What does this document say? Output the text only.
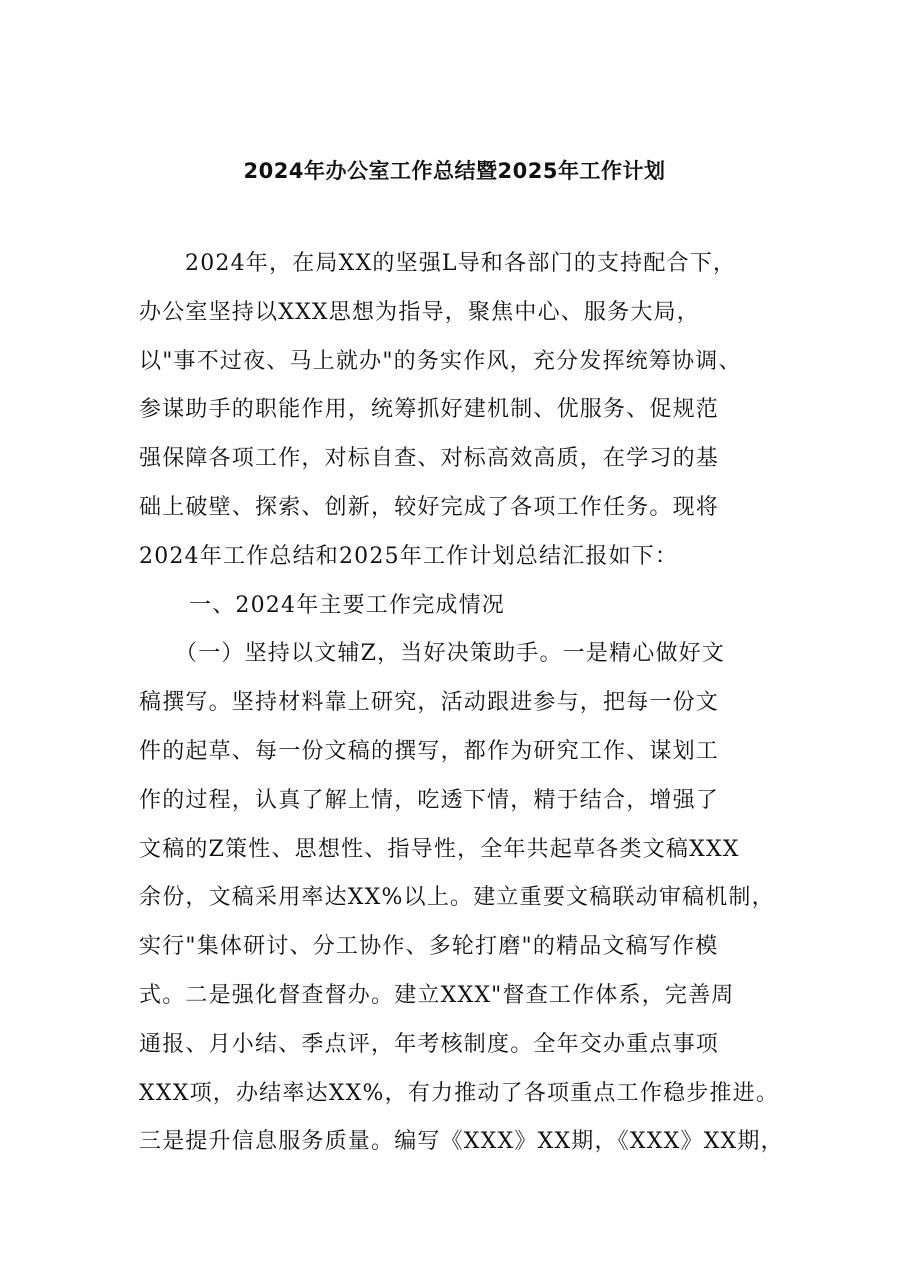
2024年办公室工作总结暨2025年工作计划
2024年，在局XX的坚强L导和各部门的支持配合下，
办公室坚持以XXX思想为指导，聚焦中心、服务大局，
以"事不过夜、马上就办"的务实作风，充分发挥统筹协调、
参谋助手的职能作用，统筹抓好建机制、优服务、促规范
强保障各项工作，对标自查、对标高效高质，在学习的基
础上破壁、探索、创新，较好完成了各项工作任务。现将
2024年工作总结和2025年工作计划总结汇报如下：
一、2024年主要工作完成情况
（一）坚持以文辅Z，当好决策助手。一是精心做好文
稿撰写。坚持材料靠上研究，活动跟进参与，把每一份文
件的起草、每一份文稿的撰写，都作为研究工作、谋划工
作的过程，认真了解上情，吃透下情，精于结合，增强了
文稿的Z策性、思想性、指导性，全年共起草各类文稿XXX
余份，文稿采用率达XX%以上。建立重要文稿联动审稿机制，
实行"集体研讨、分工协作、多轮打磨"的精品文稿写作模
式。二是强化督查督办。建立XXX"督查工作体系，完善周
通报、月小结、季点评，年考核制度。全年交办重点事项
XXX项，办结率达XX%，有力推动了各项重点工作稳步推进。
三是提升信息服务质量。编写《XXX》XX期，《XXX》XX期，
